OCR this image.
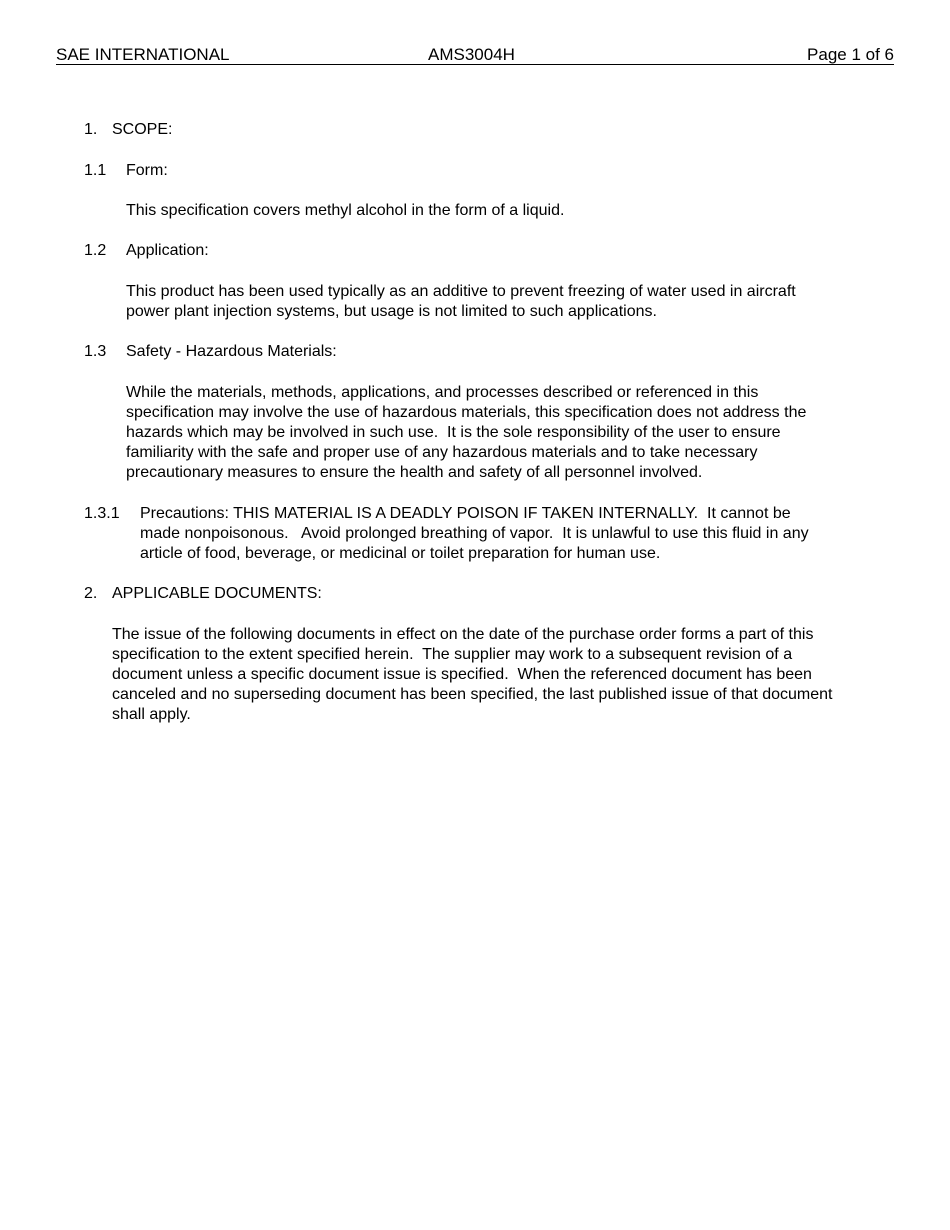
SAE INTERNATIONAL	AMS3004H	Page 1 of 6
1. SCOPE:
1.1 Form:
This specification covers methyl alcohol in the form of a liquid.
1.2 Application:
This product has been used typically as an additive to prevent freezing of water used in aircraft
power plant injection systems, but usage is not limited to such applications.
1.3 Safety - Hazardous Materials:
While the materials, methods, applications, and processes described or referenced in this
specification may involve the use of hazardous materials, this specification does not address the
hazards which may be involved in such use.  It is the sole responsibility of the user to ensure
familiarity with the safe and proper use of any hazardous materials and to take necessary
precautionary measures to ensure the health and safety of all personnel involved.
1.3.1 Precautions: THIS MATERIAL IS A DEADLY POISON IF TAKEN INTERNALLY.  It cannot be
made nonpoisonous.   Avoid prolonged breathing of vapor.  It is unlawful to use this fluid in any
article of food, beverage, or medicinal or toilet preparation for human use.
2. APPLICABLE DOCUMENTS:
The issue of the following documents in effect on the date of the purchase order forms a part of this
specification to the extent specified herein.  The supplier may work to a subsequent revision of a
document unless a specific document issue is specified.  When the referenced document has been
canceled and no superseding document has been specified, the last published issue of that document
shall apply.
